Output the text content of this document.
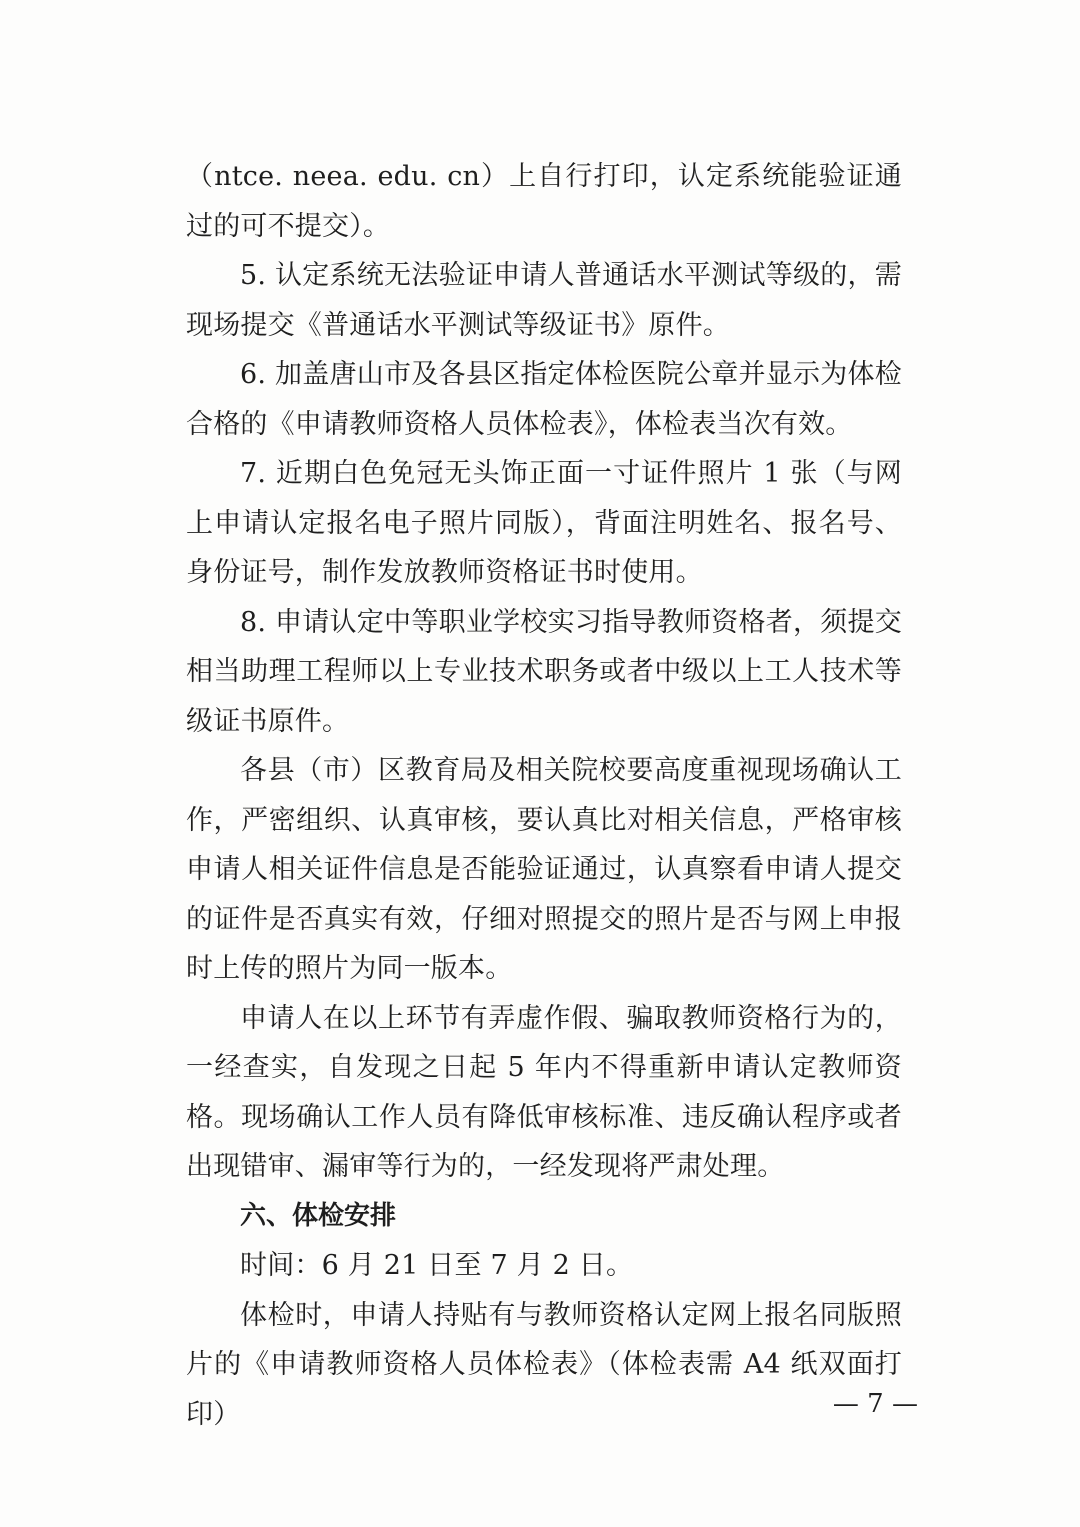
（ntce. neea. edu. cn）上自行打印，认定系统能验证通过的可不提交）。

5. 认定系统无法验证申请人普通话水平测试等级的，需现场提交《普通话水平测试等级证书》原件。

6. 加盖唐山市及各县区指定体检医院公章并显示为体检合格的《申请教师资格人员体检表》，体检表当次有效。

7. 近期白色免冠无头饰正面一寸证件照片 1 张（与网上申请认定报名电子照片同版），背面注明姓名、报名号、身份证号，制作发放教师资格证书时使用。

8. 申请认定中等职业学校实习指导教师资格者，须提交相当助理工程师以上专业技术职务或者中级以上工人技术等级证书原件。

各县（市）区教育局及相关院校要高度重视现场确认工作，严密组织、认真审核，要认真比对相关信息，严格审核申请人相关证件信息是否能验证通过，认真察看申请人提交的证件是否真实有效，仔细对照提交的照片是否与网上申报时上传的照片为同一版本。

申请人在以上环节有弄虚作假、骗取教师资格行为的，一经查实，自发现之日起 5 年内不得重新申请认定教师资格。现场确认工作人员有降低审核标准、违反确认程序或者出现错审、漏审等行为的，一经发现将严肃处理。

六、体检安排

时间：6 月 21 日至 7 月 2 日。

体检时，申请人持贴有与教师资格认定网上报名同版照片的《申请教师资格人员体检表》（体检表需 A4 纸双面打印）	— 7 —
